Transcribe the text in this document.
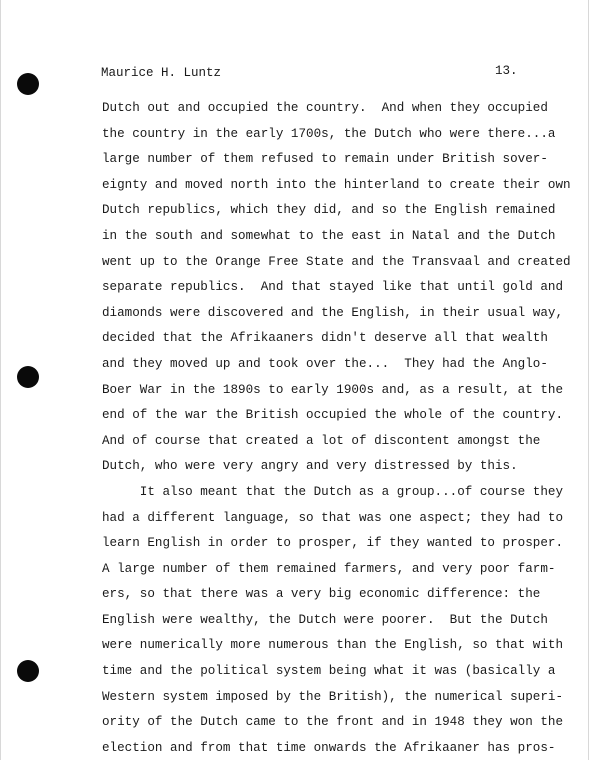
Maurice H. Luntz	13.
Dutch out and occupied the country.  And when they occupied
the country in the early 1700s, the Dutch who were there...a
large number of them refused to remain under British sover-
eignty and moved north into the hinterland to create their own
Dutch republics, which they did, and so the English remained
in the south and somewhat to the east in Natal and the Dutch
went up to the Orange Free State and the Transvaal and created
separate republics.  And that stayed like that until gold and
diamonds were discovered and the English, in their usual way,
decided that the Afrikaaners didn't deserve all that wealth
and they moved up and took over the...  They had the Anglo-
Boer War in the 1890s to early 1900s and, as a result, at the
end of the war the British occupied the whole of the country.
And of course that created a lot of discontent amongst the
Dutch, who were very angry and very distressed by this.
It also meant that the Dutch as a group...of course they
had a different language, so that was one aspect; they had to
learn English in order to prosper, if they wanted to prosper.
A large number of them remained farmers, and very poor farm-
ers, so that there was a very big economic difference: the
English were wealthy, the Dutch were poorer.  But the Dutch
were numerically more numerous than the English, so that with
time and the political system being what it was (basically a
Western system imposed by the British), the numerical superi-
ority of the Dutch came to the front and in 1948 they won the
election and from that time onwards the Afrikaaner has pros-
